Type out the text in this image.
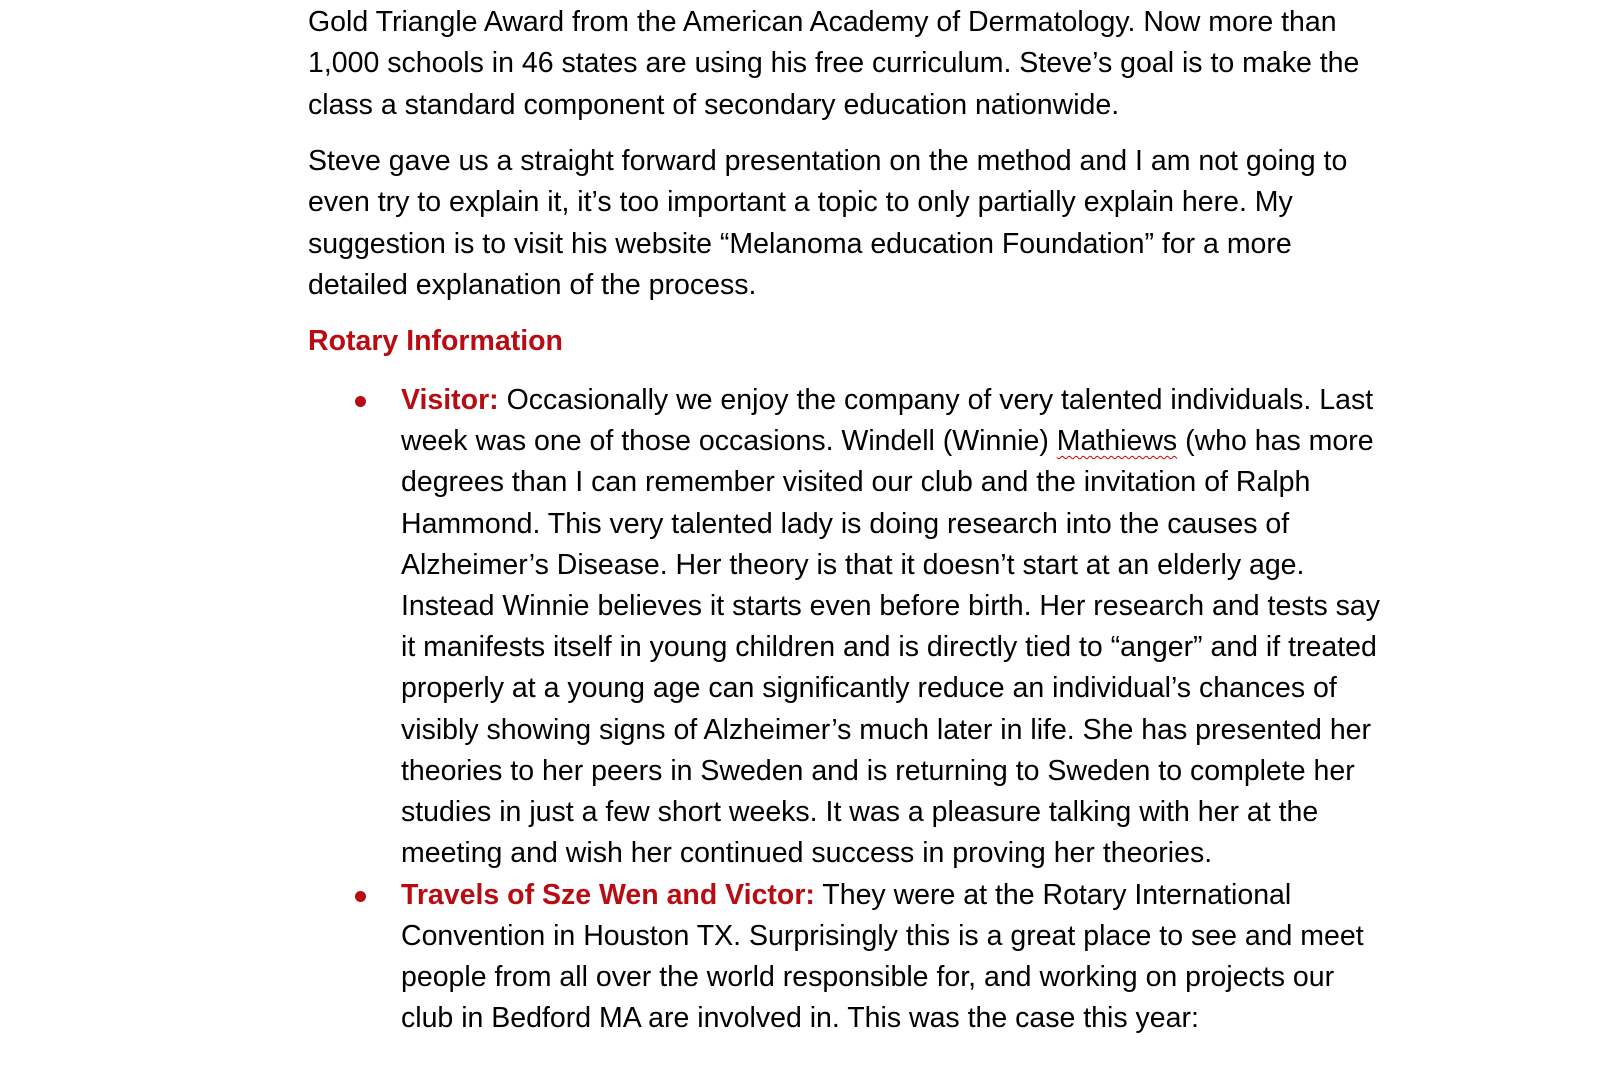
Gold Triangle Award from the American Academy of Dermatology. Now more than
1,000 schools in 46 states are using his free curriculum. Steve’s goal is to make the
class a standard component of secondary education nationwide.
Steve gave us a straight forward presentation on the method and I am not going to
even try to explain it, it’s too important a topic to only partially explain here. My
suggestion is to visit his website “Melanoma education Foundation” for a more
detailed explanation of the process.
Rotary Information
Visitor: Occasionally we enjoy the company of very talented individuals. Last
week was one of those occasions. Windell (Winnie) Mathiews (who has more
degrees than I can remember visited our club and the invitation of Ralph
Hammond. This very talented lady is doing research into the causes of
Alzheimer’s Disease. Her theory is that it doesn’t start at an elderly age.
Instead Winnie believes it starts even before birth. Her research and tests say
it manifests itself in young children and is directly tied to “anger” and if treated
properly at a young age can significantly reduce an individual’s chances of
visibly showing signs of Alzheimer’s much later in life. She has presented her
theories to her peers in Sweden and is returning to Sweden to complete her
studies in just a few short weeks. It was a pleasure talking with her at the
meeting and wish her continued success in proving her theories.
Travels of Sze Wen and Victor: They were at the Rotary International
Convention in Houston TX. Surprisingly this is a great place to see and meet
people from all over the world responsible for, and working on projects our
club in Bedford MA are involved in. This was the case this year:
